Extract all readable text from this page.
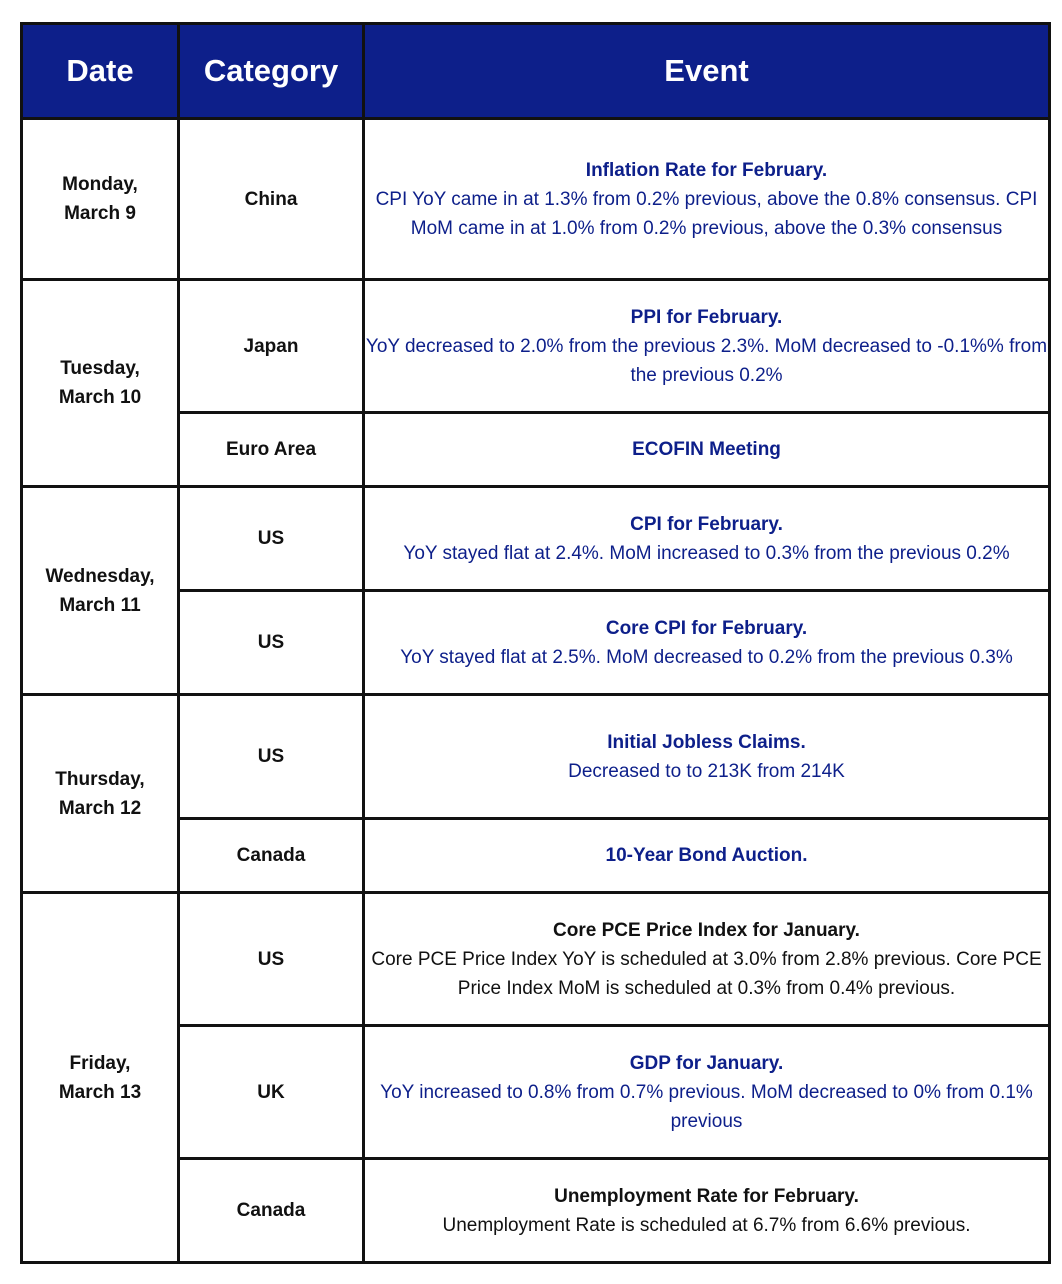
Date	Category	Event

Monday,
March 9	China	Inflation Rate for February.
CPI YoY came in at 1.3% from 0.2% previous, above the 0.8% consensus. CPI MoM came in at 1.0% from 0.2% previous, above the 0.3% consensus

Tuesday,
March 10	Japan	PPI for February.
YoY decreased to 2.0% from the previous 2.3%. MoM decreased to -0.1%% from the previous 0.2%

	Euro Area	ECOFIN Meeting

Wednesday,
March 11	US	CPI for February.
YoY stayed flat at 2.4%. MoM increased to 0.3% from the previous 0.2%

	US	Core CPI for February.
YoY stayed flat at 2.5%. MoM decreased to 0.2% from the previous 0.3%

Thursday,
March 12	US	Initial Jobless Claims.
Decreased to to 213K from 214K

	Canada	10-Year Bond Auction.

Friday,
March 13	US	Core PCE Price Index for January.
Core PCE Price Index YoY is scheduled at 3.0% from 2.8% previous. Core PCE Price Index MoM is scheduled at 0.3% from 0.4% previous.

	UK	GDP for January.
YoY increased to 0.8% from 0.7% previous. MoM decreased to 0% from 0.1% previous

	Canada	Unemployment Rate for February.
Unemployment Rate is scheduled at 6.7% from 6.6% previous.
